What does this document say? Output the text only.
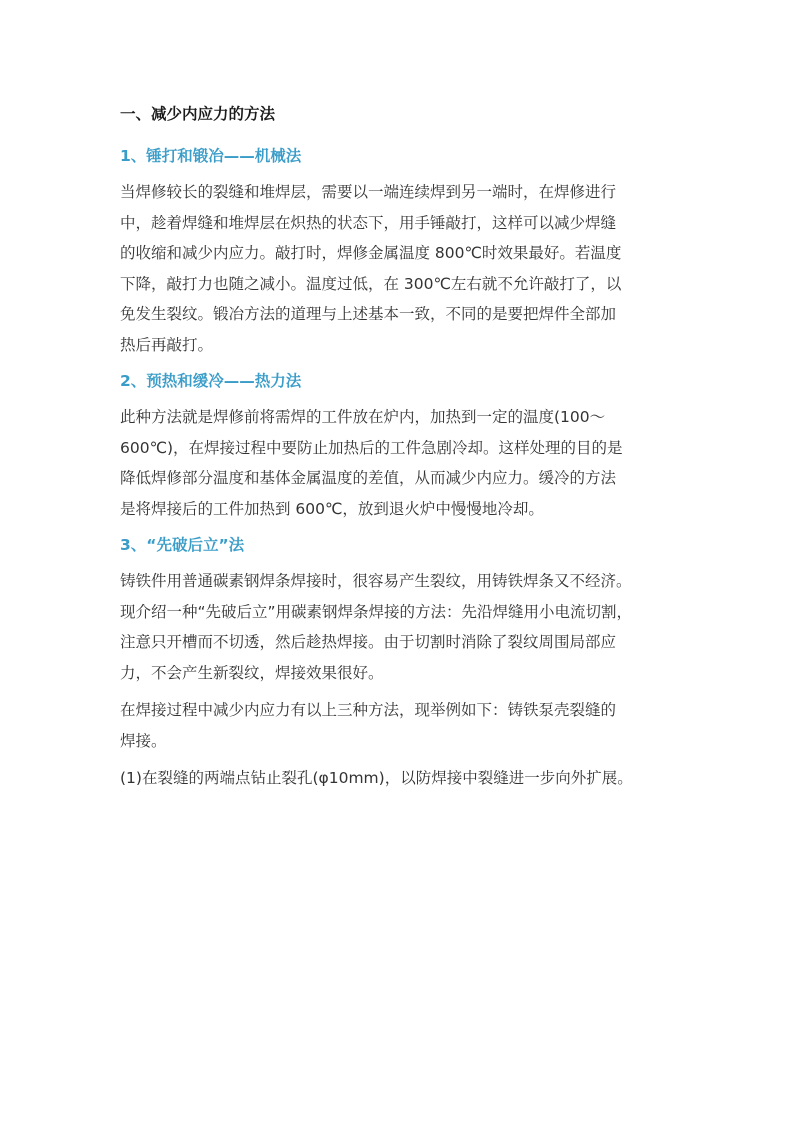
一、减少内应力的方法
1、锤打和锻冶——机械法
当焊修较长的裂缝和堆焊层，需要以一端连续焊到另一端时，在焊修进行
中，趁着焊缝和堆焊层在炽热的状态下，用手锤敲打，这样可以减少焊缝
的收缩和减少内应力。敲打时，焊修金属温度 800℃时效果最好。若温度
下降，敲打力也随之减小。温度过低，在 300℃左右就不允许敲打了，以
免发生裂纹。锻冶方法的道理与上述基本一致，不同的是要把焊件全部加
热后再敲打。
2、预热和缓冷——热力法
此种方法就是焊修前将需焊的工件放在炉内，加热到一定的温度(100～
600℃)，在焊接过程中要防止加热后的工件急剧冷却。这样处理的目的是
降低焊修部分温度和基体金属温度的差值，从而减少内应力。缓冷的方法
是将焊接后的工件加热到 600℃，放到退火炉中慢慢地冷却。
3、“先破后立”法
铸铁件用普通碳素钢焊条焊接时，很容易产生裂纹，用铸铁焊条又不经济。
现介绍一种“先破后立”用碳素钢焊条焊接的方法：先沿焊缝用小电流切割，
注意只开槽而不切透，然后趁热焊接。由于切割时消除了裂纹周围局部应
力，不会产生新裂纹，焊接效果很好。
在焊接过程中减少内应力有以上三种方法，现举例如下：铸铁泵壳裂缝的
焊接。
(1)在裂缝的两端点钻止裂孔(φ10mm)，以防焊接中裂缝进一步向外扩展。
